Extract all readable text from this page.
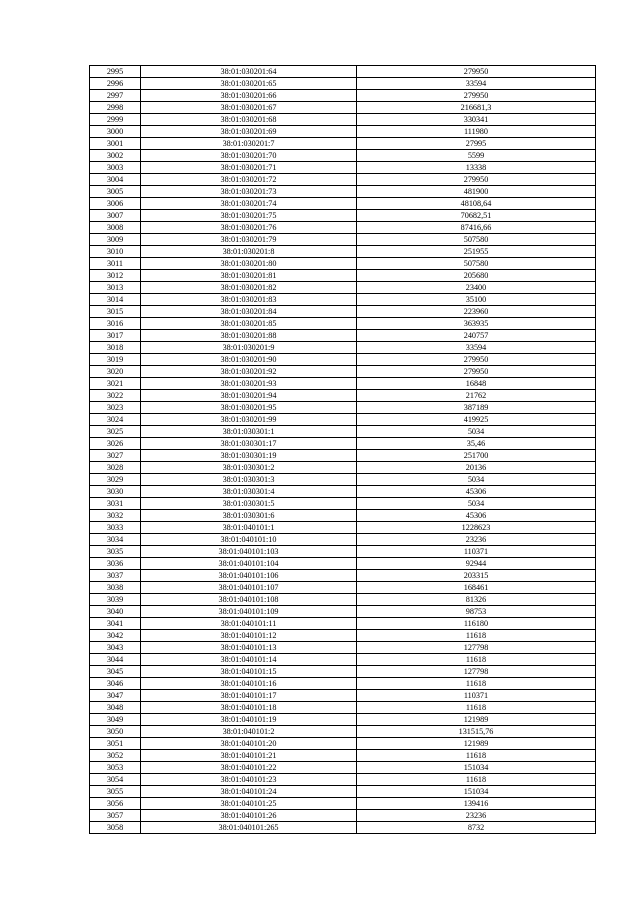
2995	38:01:030201:64	279950
2996	38:01:030201:65	33594
2997	38:01:030201:66	279950
2998	38:01:030201:67	216681,3
2999	38:01:030201:68	330341
3000	38:01:030201:69	111980
3001	38:01:030201:7	27995
3002	38:01:030201:70	5599
3003	38:01:030201:71	13338
3004	38:01:030201:72	279950
3005	38:01:030201:73	481900
3006	38:01:030201:74	48108,64
3007	38:01:030201:75	70682,51
3008	38:01:030201:76	87416,66
3009	38:01:030201:79	507580
3010	38:01:030201:8	251955
3011	38:01:030201:80	507580
3012	38:01:030201:81	205680
3013	38:01:030201:82	23400
3014	38:01:030201:83	35100
3015	38:01:030201:84	223960
3016	38:01:030201:85	363935
3017	38:01:030201:88	240757
3018	38:01:030201:9	33594
3019	38:01:030201:90	279950
3020	38:01:030201:92	279950
3021	38:01:030201:93	16848
3022	38:01:030201:94	21762
3023	38:01:030201:95	387189
3024	38:01:030201:99	419925
3025	38:01:030301:1	5034
3026	38:01:030301:17	35,46
3027	38:01:030301:19	251700
3028	38:01:030301:2	20136
3029	38:01:030301:3	5034
3030	38:01:030301:4	45306
3031	38:01:030301:5	5034
3032	38:01:030301:6	45306
3033	38:01:040101:1	1228623
3034	38:01:040101:10	23236
3035	38:01:040101:103	110371
3036	38:01:040101:104	92944
3037	38:01:040101:106	203315
3038	38:01:040101:107	168461
3039	38:01:040101:108	81326
3040	38:01:040101:109	98753
3041	38:01:040101:11	116180
3042	38:01:040101:12	11618
3043	38:01:040101:13	127798
3044	38:01:040101:14	11618
3045	38:01:040101:15	127798
3046	38:01:040101:16	11618
3047	38:01:040101:17	110371
3048	38:01:040101:18	11618
3049	38:01:040101:19	121989
3050	38:01:040101:2	131515,76
3051	38:01:040101:20	121989
3052	38:01:040101:21	11618
3053	38:01:040101:22	151034
3054	38:01:040101:23	11618
3055	38:01:040101:24	151034
3056	38:01:040101:25	139416
3057	38:01:040101:26	23236
3058	38:01:040101:265	8732
